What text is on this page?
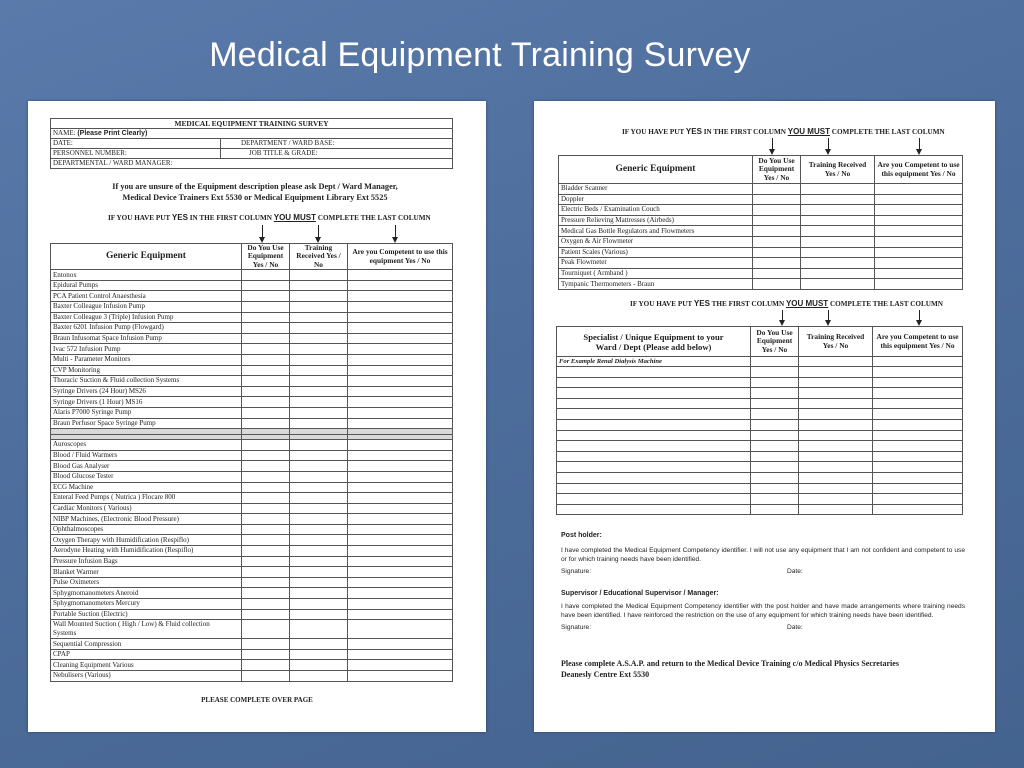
Medical Equipment Training Survey
MEDICAL EQUIPMENT TRAINING SURVEY	
NAME: (Please Print Clearly)	
DATE:	DEPARTMENT / WARD BASE:
PERSONNEL NUMBER:	JOB TITLE & GRADE:
DEPARTMENTAL / WARD MANAGER:	
If you are unsure of the Equipment description please ask Dept / Ward Manager,
Medical Device Trainers Ext 5530 or Medical Equipment Library Ext 5525
IF YOU HAVE PUT YES IN THE FIRST COLUMN YOU MUST COMPLETE THE LAST COLUMN
Generic Equipment	Do You Use Equipment Yes / No	Training Received Yes / No	Are you Competent to use this equipment Yes / No
Entonox			
Epidural Pumps			
PCA Patient Control Anaesthesia			
Baxter Colleague Infusion Pump			
Baxter Colleague 3 (Triple) Infusion Pump			
Baxter 6201 Infusion Pump (Flowgard)			
Braun Infusomat Space Infusion Pump			
Ivac 572 Infusion Pump			
Multi - Parameter Monitors			
CVP Monitoring			
Thoracic Suction & Fluid collection Systems			
Syringe Drivers (24 Hour) MS26			
Syringe Drivers (1 Hour) MS16			
Alaris P7000 Syringe Pump			
Braun Perfusor Space Syringe Pump			

Auroscopes			
Blood / Fluid Warmers			
Blood Gas Analyser			
Blood Glucose Tester			
ECG Machine			
Enteral Feed Pumps ( Nutrica ) Flocare 800			
Cardiac Monitors ( Various)			
NIBP Machines, (Electronic Blood Pressure)			
Ophthalmoscopes			
Oxygen Therapy with Humidification (Respiflo)			
Aerodyne Heating with Humidification (Respiflo)			
Pressure Infusion Bags			
Blanket Warmer			
Pulse Oximeters			
Sphygmomanometers Aneroid			
Sphygmomanometers Mercury			
Portable Suction (Electric)			

Wall Mounted Suction ( High / Low) & Fluid collection
Systems			

Sequential Compression			
CPAP			
Cleaning Equipment Various			
Nebulisers (Various)			
PLEASE COMPLETE OVER PAGE
IF YOU HAVE PUT YES IN THE FIRST COLUMN YOU MUST COMPLETE THE LAST COLUMN
Generic Equipment	Do You Use Equipment Yes / No	Training Received Yes / No	Are you Competent to use this equipment Yes / No
Bladder Scanner			
Doppler			
Electric Beds / Examination Couch			
Pressure Relieving Mattresses (Airbeds)			
Medical Gas Bottle Regulators and Flowmeters			
Oxygen & Air Flowmeter			
Patient Scales (Various)			
Peak Flowmeter			
Tourniquet ( Armband )			
Tympanic Thermometers - Braun			
IF YOU HAVE PUT YES THE FIRST COLUMN YOU MUST COMPLETE THE LAST COLUMN
Specialist / Unique Equipment to your
Ward / Dept (Please add below)	Do You Use Equipment Yes / No	Training Received Yes / No	Are you Competent to use this equipment Yes / No
For Example Renal Dialysis Machine			

Post holder:
I have completed the Medical Equipment Competency identifier. I will not use any equipment that I am not confident and competent to use or for which training needs have been identified.
Signature:	Date:
Supervisor / Educational Supervisor / Manager:
I have completed the Medical Equipment Competency identifier with the post holder and have made arrangements where training needs have been identified. I have reinforced the restriction on the use of any equipment for which training needs have been identified.
Signature:	Date:
Please complete A.S.A.P. and return to the Medical Device Training c/o Medical Physics Secretaries
Deanesly Centre Ext 5530
